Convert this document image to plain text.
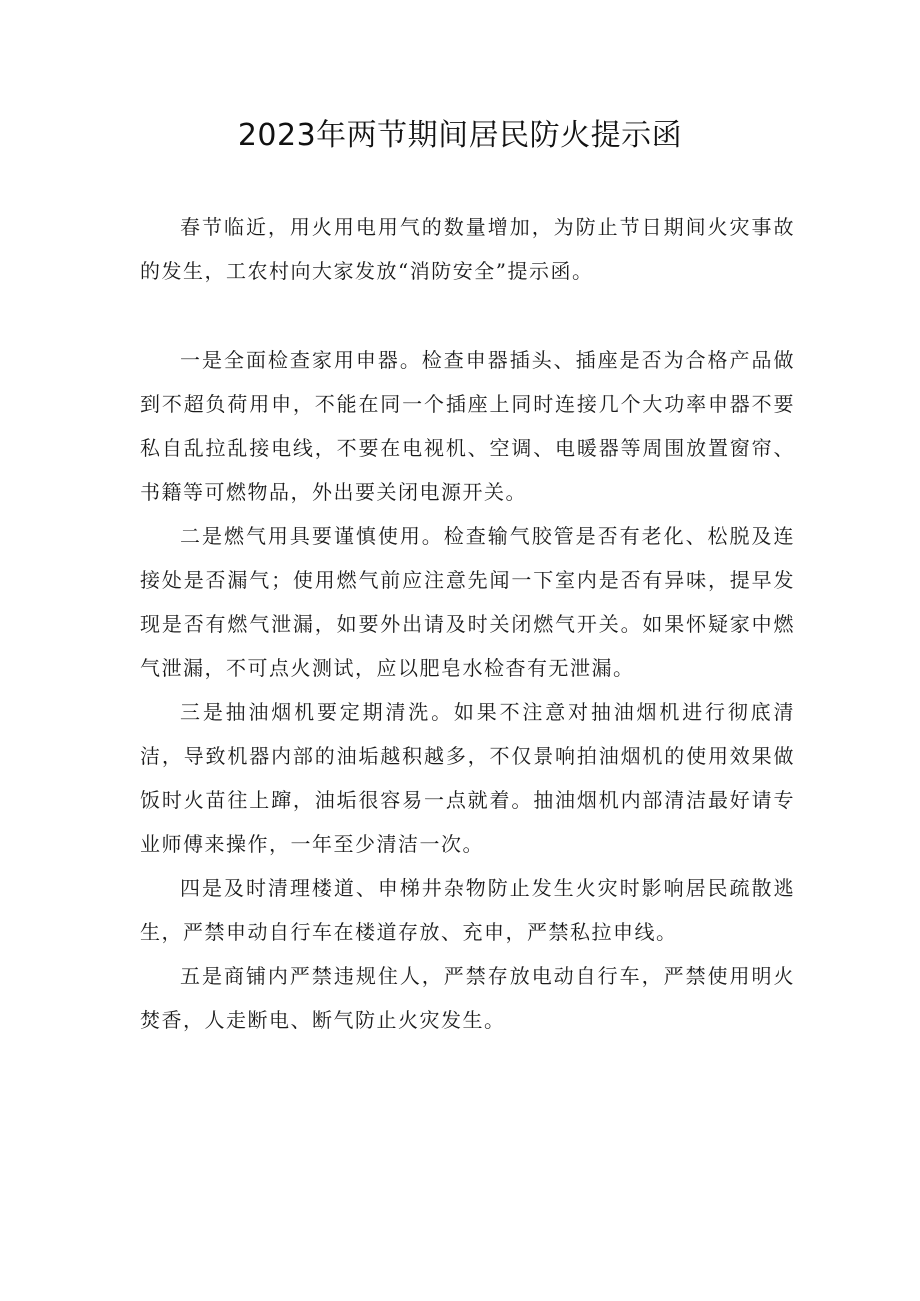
2023年两节期间居民防火提示函

春节临近，用火用电用气的数量增加，为防止节日期间火灾事故的发生，工农村向大家发放“消防安全”提示函。

一是全面检查家用申器。检查申器插头、插座是否为合格产品做到不超负荷用申，不能在同一个插座上同时连接几个大功率申器不要私自乱拉乱接电线，不要在电视机、空调、电暖器等周围放置窗帘、书籍等可燃物品，外出要关闭电源开关。

二是燃气用具要谨慎使用。检查输气胶管是否有老化、松脱及连接处是否漏气；使用燃气前应注意先闻一下室内是否有异味，提早发现是否有燃气泄漏，如要外出请及时关闭燃气开关。如果怀疑家中燃气泄漏，不可点火测试，应以肥皂水检杳有无泄漏。

三是抽油烟机要定期清洗。如果不注意对抽油烟机进行彻底清洁，导致机器内部的油垢越积越多，不仅景响拍油烟机的使用效果做饭时火苗往上蹿，油垢很容易一点就着。抽油烟机内部清洁最好请专业师傅来操作，一年至少清洁一次。

四是及时清理楼道、申梯井杂物防止发生火灾时影响居民疏散逃生，严禁申动自行车在楼道存放、充申，严禁私拉申线。

五是商铺内严禁违规住人，严禁存放电动自行车，严禁使用明火焚香，人走断电、断气防止火灾发生。
